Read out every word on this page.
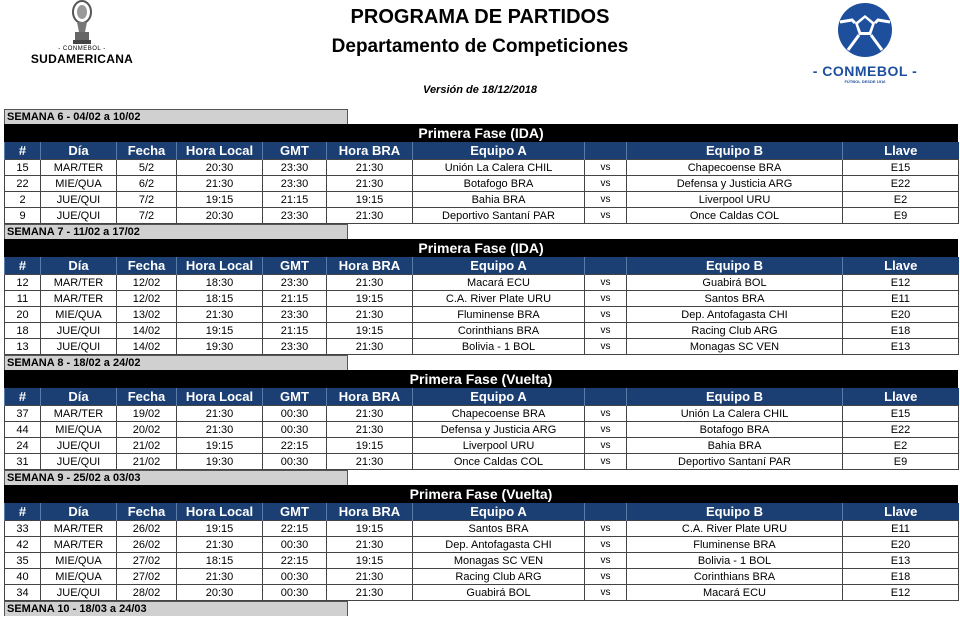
- CONMEBOL -
SUDAMERICANA
PROGRAMA DE PARTIDOS
Departamento de Competiciones
Versión de 18/12/2018
- CONMEBOL -
FÚTBOL DESDE 1916
SEMANA 6 - 04/02 a 10/02
Primera Fase (IDA)
#	Día	Fecha	Hora Local	GMT	Hora BRA	Equipo A		Equipo B	Llave
15	MAR/TER	5/2	20:30	23:30	21:30	Unión La Calera CHIL	vs	Chapecoense BRA	E15
22	MIE/QUA	6/2	21:30	23:30	21:30	Botafogo BRA	vs	Defensa y Justicia ARG	E22
2	JUE/QUI	7/2	19:15	21:15	19:15	Bahia BRA	vs	Liverpool URU	E2
9	JUE/QUI	7/2	20:30	23:30	21:30	Deportivo Santaní PAR	vs	Once Caldas COL	E9
SEMANA 7 - 11/02 a 17/02
Primera Fase (IDA)
#	Día	Fecha	Hora Local	GMT	Hora BRA	Equipo A		Equipo B	Llave
12	MAR/TER	12/02	18:30	23:30	21:30	Macará ECU	vs	Guabirá BOL	E12
11	MAR/TER	12/02	18:15	21:15	19:15	C.A. River Plate URU	vs	Santos BRA	E11
20	MIE/QUA	13/02	21:30	23:30	21:30	Fluminense BRA	vs	Dep. Antofagasta CHI	E20
18	JUE/QUI	14/02	19:15	21:15	19:15	Corinthians BRA	vs	Racing Club ARG	E18
13	JUE/QUI	14/02	19:30	23:30	21:30	Bolivia - 1 BOL	vs	Monagas SC VEN	E13
SEMANA 8 - 18/02 a 24/02
Primera Fase (Vuelta)
#	Día	Fecha	Hora Local	GMT	Hora BRA	Equipo A		Equipo B	Llave
37	MAR/TER	19/02	21:30	00:30	21:30	Chapecoense BRA	vs	Unión La Calera CHIL	E15
44	MIE/QUA	20/02	21:30	00:30	21:30	Defensa y Justicia ARG	vs	Botafogo BRA	E22
24	JUE/QUI	21/02	19:15	22:15	19:15	Liverpool URU	vs	Bahia BRA	E2
31	JUE/QUI	21/02	19:30	00:30	21:30	Once Caldas COL	vs	Deportivo Santaní PAR	E9
SEMANA 9 - 25/02 a 03/03
Primera Fase (Vuelta)
#	Día	Fecha	Hora Local	GMT	Hora BRA	Equipo A		Equipo B	Llave
33	MAR/TER	26/02	19:15	22:15	19:15	Santos BRA	vs	C.A. River Plate URU	E11
42	MAR/TER	26/02	21:30	00:30	21:30	Dep. Antofagasta CHI	vs	Fluminense BRA	E20
35	MIE/QUA	27/02	18:15	22:15	19:15	Monagas SC VEN	vs	Bolivia - 1 BOL	E13
40	MIE/QUA	27/02	21:30	00:30	21:30	Racing Club ARG	vs	Corinthians BRA	E18
34	JUE/QUI	28/02	20:30	00:30	21:30	Guabirá BOL	vs	Macará ECU	E12
SEMANA 10 - 18/03 a 24/03
